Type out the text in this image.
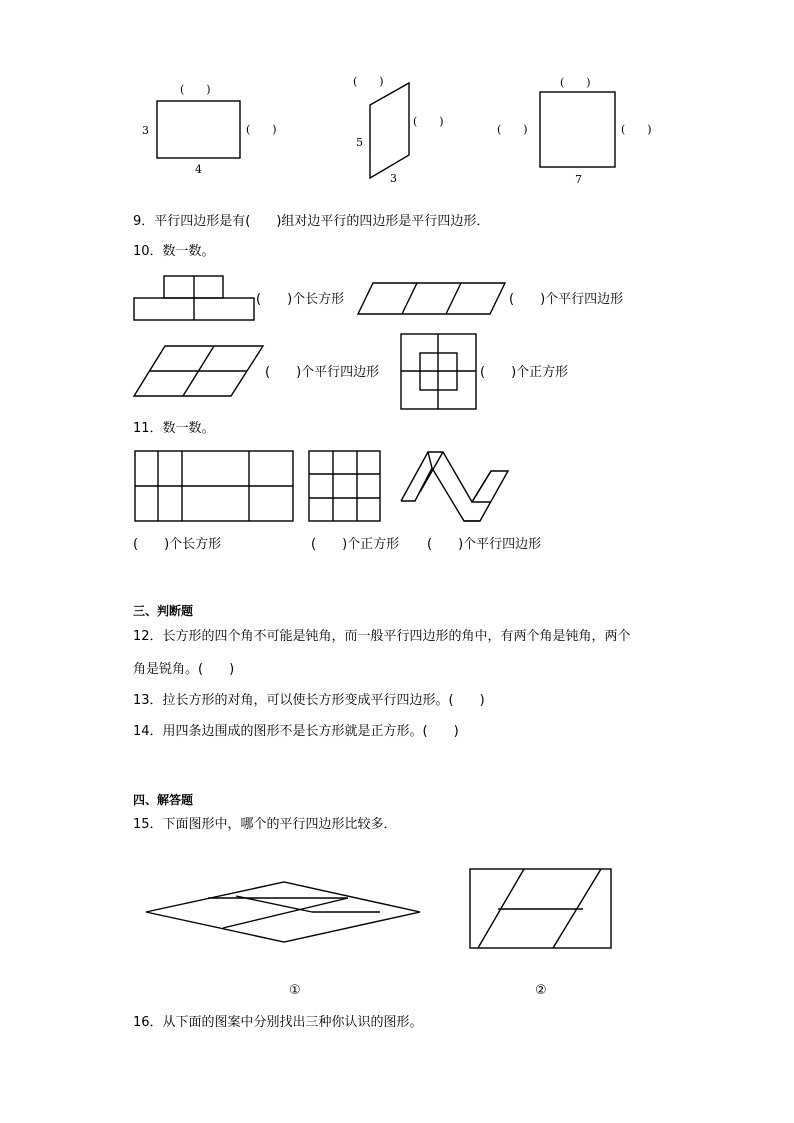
(　　)
3	(　　)
4
(　　)
5
(　　)
3
(　　)
(　　)	(　　)
7
9．平行四边形是有(　　)组对边平行的四边形是平行四边形．
10．数一数。
(　　)个长方形	(　　)个平行四边形
(　　)个平行四边形	(　　)个正方形
11．数一数。
(　　)个长方形	(　　)个正方形 (　　)个平行四边形
三、判断题
12．长方形的四个角不可能是钝角，而一般平行四边形的角中，有两个角是钝角，两个
角是锐角。(　　)
13．拉长方形的对角，可以使长方形变成平行四边形。(　　)
14．用四条边围成的图形不是长方形就是正方形。(　　)
四、解答题
15．下面图形中，哪个的平行四边形比较多．
①	②
16．从下面的图案中分别找出三种你认识的图形。
